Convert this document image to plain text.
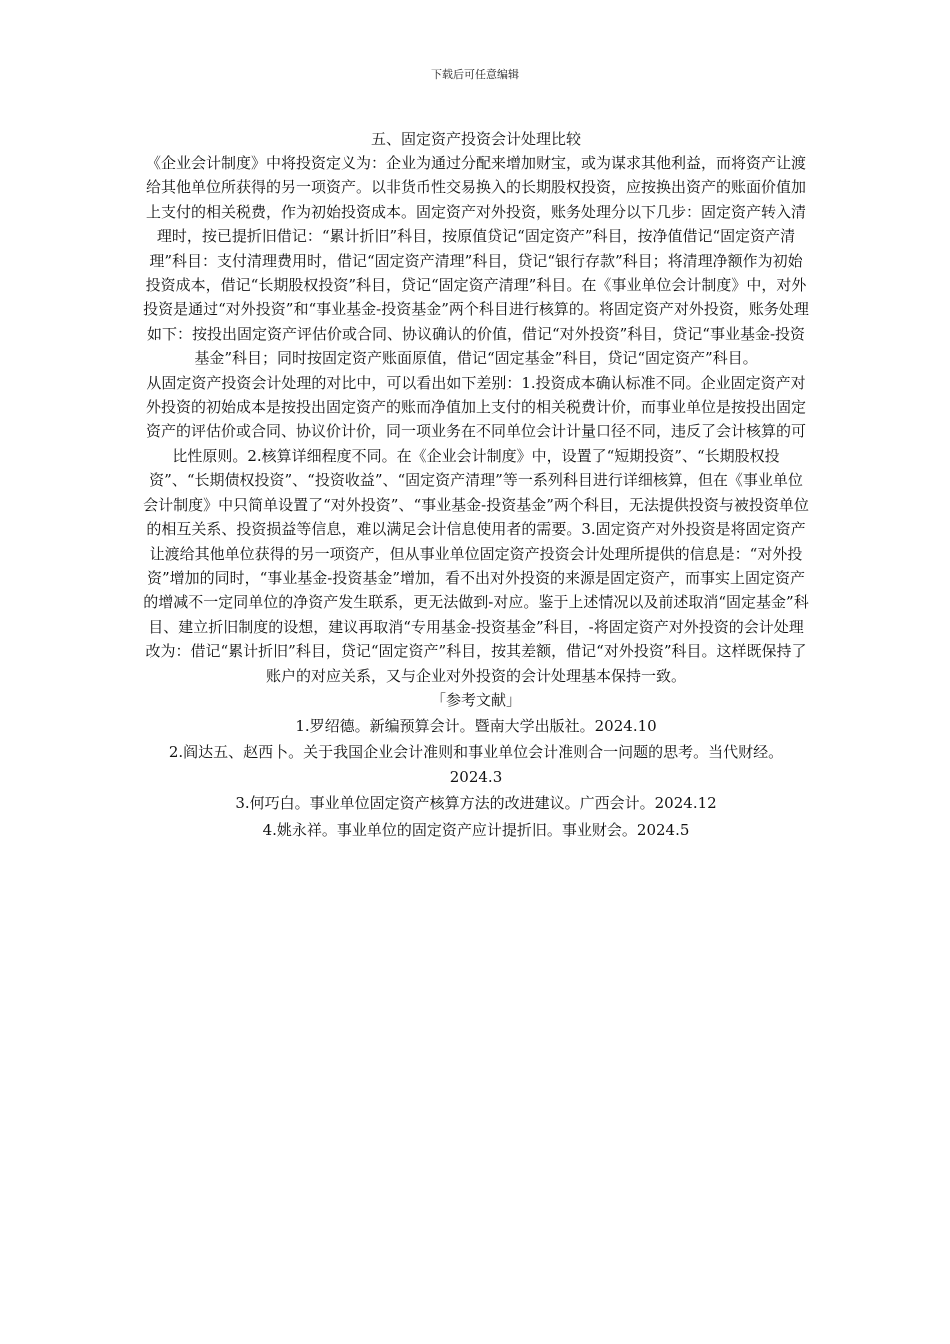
下载后可任意编辑

五、固定资产投资会计处理比较

《企业会计制度》中将投资定义为：企业为通过分配来增加财宝，或为谋求其他利益，而将资产让渡给其他单位所获得的另一项资产。以非货币性交易换入的长期股权投资，应按换出资产的账面价值加上支付的相关税费，作为初始投资成本。固定资产对外投资，账务处理分以下几步：固定资产转入清理时，按已提折旧借记：“累计折旧”科目，按原值贷记“固定资产”科目，按净值借记“固定资产清理”科目：支付清理费用时，借记“固定资产清理”科目，贷记“银行存款”科目；将清理净额作为初始投资成本，借记“长期股权投资”科目，贷记“固定资产清理”科目。在《事业单位会计制度》中，对外投资是通过“对外投资”和“事业基金-投资基金”两个科目进行核算的。将固定资产对外投资，账务处理如下：按投出固定资产评估价或合同、协议确认的价值，借记“对外投资”科目，贷记“事业基金-投资基金”科目；同时按固定资产账面原值，借记“固定基金”科目，贷记“固定资产”科目。

从固定资产投资会计处理的对比中，可以看出如下差别：1.投资成本确认标准不同。企业固定资产对外投资的初始成本是按投出固定资产的账而净值加上支付的相关税费计价，而事业单位是按投出固定资产的评估价或合同、协议价计价，同一项业务在不同单位会计计量口径不同，违反了会计核算的可比性原则。2.核算详细程度不同。在《企业会计制度》中，设置了“短期投资”、“长期股权投资”、“长期债权投资”、“投资收益”、“固定资产清理”等一系列科目进行详细核算，但在《事业单位会计制度》中只简单设置了“对外投资”、“事业基金-投资基金”两个科目，无法提供投资与被投资单位的相互关系、投资损益等信息，难以满足会计信息使用者的需要。3.固定资产对外投资是将固定资产让渡给其他单位获得的另一项资产，但从事业单位固定资产投资会计处理所提供的信息是：“对外投资”增加的同时，“事业基金-投资基金”增加，看不出对外投资的来源是固定资产，而事实上固定资产的增减不一定同单位的净资产发生联系，更无法做到-对应。鉴于上述情况以及前述取消“固定基金”科目、建立折旧制度的设想，建议再取消“专用基金-投资基金”科目，-将固定资产对外投资的会计处理改为：借记“累计折旧”科目，贷记“固定资产”科目，按其差额，借记“对外投资”科目。这样既保持了账户的对应关系，又与企业对外投资的会计处理基本保持一致。

「参考文献」

1.罗绍德。新编预算会计。暨南大学出版社。2024.10

2.阎达五、赵西卜。关于我国企业会计准则和事业单位会计准则合一问题的思考。当代财经。2024.3

3.何巧白。事业单位固定资产核算方法的改进建议。广西会计。2024.12

4.姚永祥。事业单位的固定资产应计提折旧。事业财会。2024.5
